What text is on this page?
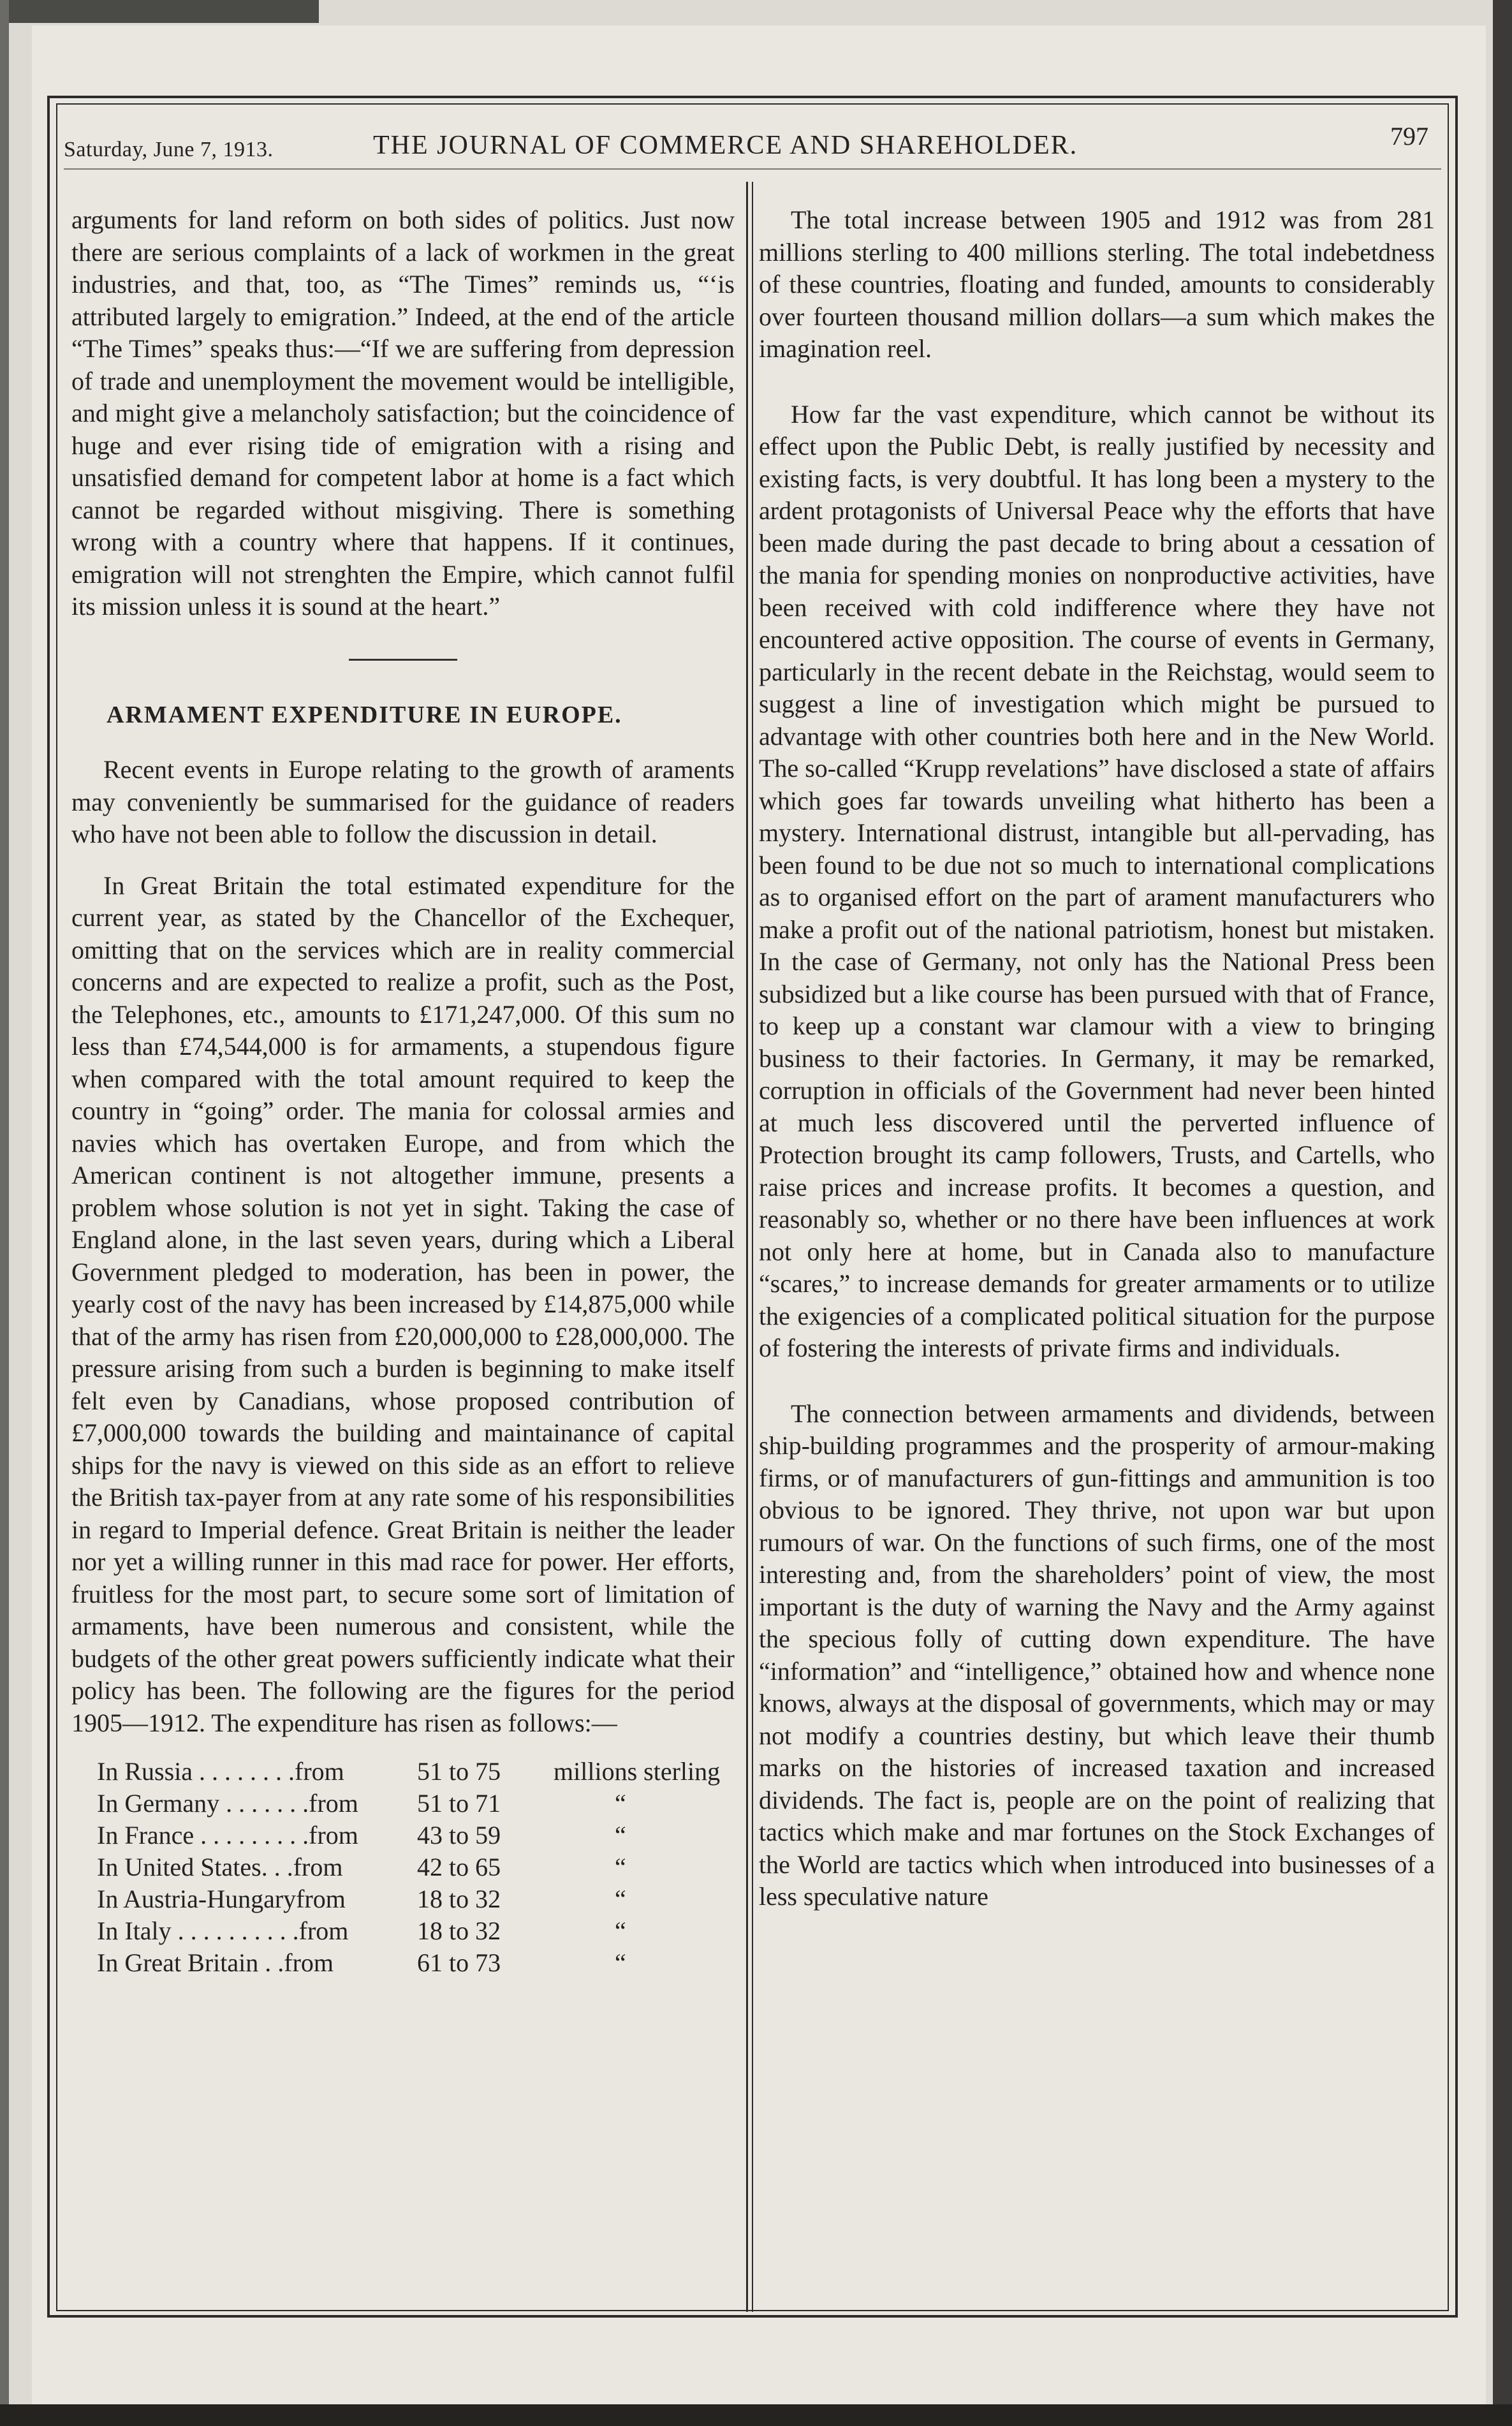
Saturday, June 7, 1913.	THE JOURNAL OF COMMERCE AND SHAREHOLDER.	797

arguments for land reform on both sides of politics. Just now there are serious complaints of a lack of workmen in the great industries, and that, too, as “The Times” reminds us, “‘is attributed largely to emigration.” Indeed, at the end of the article “The Times” speaks thus:—“If we are suffering from depression of trade and unemployment the movement would be intelligible, and might give a melancholy satisfaction; but the coincidence of huge and ever rising tide of emigration with a rising and unsatisfied demand for competent labor at home is a fact which cannot be regarded without misgiving. There is something wrong with a country where that happens. If it continues, emigration will not strenghten the Empire, which cannot fulfil its mission unless it is sound at the heart.”

ARMAMENT EXPENDITURE IN EUROPE.

Recent events in Europe relating to the growth of araments may conveniently be summarised for the guidance of readers who have not been able to follow the discussion in detail.

In Great Britain the total estimated expenditure for the current year, as stated by the Chancellor of the Exchequer, omitting that on the services which are in reality commercial concerns and are expected to realize a profit, such as the Post, the Telephones, etc., amounts to £171,247,000. Of this sum no less than £74,544,000 is for armaments, a stupendous figure when compared with the total amount required to keep the country in “going” order. The mania for colossal armies and navies which has overtaken Europe, and from which the American continent is not altogether immune, presents a problem whose solution is not yet in sight. Taking the case of England alone, in the last seven years, during which a Liberal Government pledged to moderation, has been in power, the yearly cost of the navy has been increased by £14,875,000 while that of the army has risen from £20,000,000 to £28,000,000. The pressure arising from such a burden is beginning to make itself felt even by Canadians, whose proposed contribution of £7,000,000 towards the building and maintainance of capital ships for the navy is viewed on this side as an effort to relieve the British tax-payer from at any rate some of his responsibilities in regard to Imperial defence. Great Britain is neither the leader nor yet a willing runner in this mad race for power. Her efforts, fruitless for the most part, to secure some sort of limitation of armaments, have been numerous and consistent, while the budgets of the other great powers sufficiently indicate what their policy has been. The following are the figures for the period 1905—1912. The expenditure has risen as follows:—

In Russia . . . . . . . .from	51 to 75	millions sterling
In Germany . . . . . . .from	51 to 71	“
In France . . . . . . . . .from	43 to 59	“
In United States. . .from	42 to 65	“
In Austria-Hungaryfrom	18 to 32	“
In Italy . . . . . . . . . .from	18 to 32	“
In Great Britain . .from	61 to 73	“

The total increase between 1905 and 1912 was from 281 millions sterling to 400 millions sterling. The total indebetdness of these countries, floating and funded, amounts to considerably over fourteen thousand million dollars—a sum which makes the imagination reel.

How far the vast expenditure, which cannot be without its effect upon the Public Debt, is really justified by necessity and existing facts, is very doubtful. It has long been a mystery to the ardent protagonists of Universal Peace why the efforts that have been made during the past decade to bring about a cessation of the mania for spending monies on nonproductive activities, have been received with cold indifference where they have not encountered active opposition. The course of events in Germany, particularly in the recent debate in the Reichstag, would seem to suggest a line of investigation which might be pursued to advantage with other countries both here and in the New World. The so-called “Krupp revelations” have disclosed a state of affairs which goes far towards unveiling what hitherto has been a mystery. International distrust, intangible but all-pervading, has been found to be due not so much to international complications as to organised effort on the part of arament manufacturers who make a profit out of the national patriotism, honest but mistaken. In the case of Germany, not only has the National Press been subsidized but a like course has been pursued with that of France, to keep up a constant war clamour with a view to bringing business to their factories. In Germany, it may be remarked, corruption in officials of the Government had never been hinted at much less discovered until the perverted influence of Protection brought its camp followers, Trusts, and Cartells, who raise prices and increase profits. It becomes a question, and reasonably so, whether or no there have been influences at work not only here at home, but in Canada also to manufacture “scares,” to increase demands for greater armaments or to utilize the exigencies of a complicated political situation for the purpose of fostering the interests of private firms and individuals.

The connection between armaments and dividends, between ship-building programmes and the prosperity of armour-making firms, or of manufacturers of gun-fittings and ammunition is too obvious to be ignored. They thrive, not upon war but upon rumours of war. On the functions of such firms, one of the most interesting and, from the shareholders’ point of view, the most important is the duty of warning the Navy and the Army against the specious folly of cutting down expenditure. The have “information” and “intelligence,” obtained how and whence none knows, always at the disposal of governments, which may or may not modify a countries destiny, but which leave their thumb marks on the histories of increased taxation and increased dividends. The fact is, people are on the point of realizing that tactics which make and mar fortunes on the Stock Exchanges of the World are tactics which when introduced into businesses of a less speculative nature
